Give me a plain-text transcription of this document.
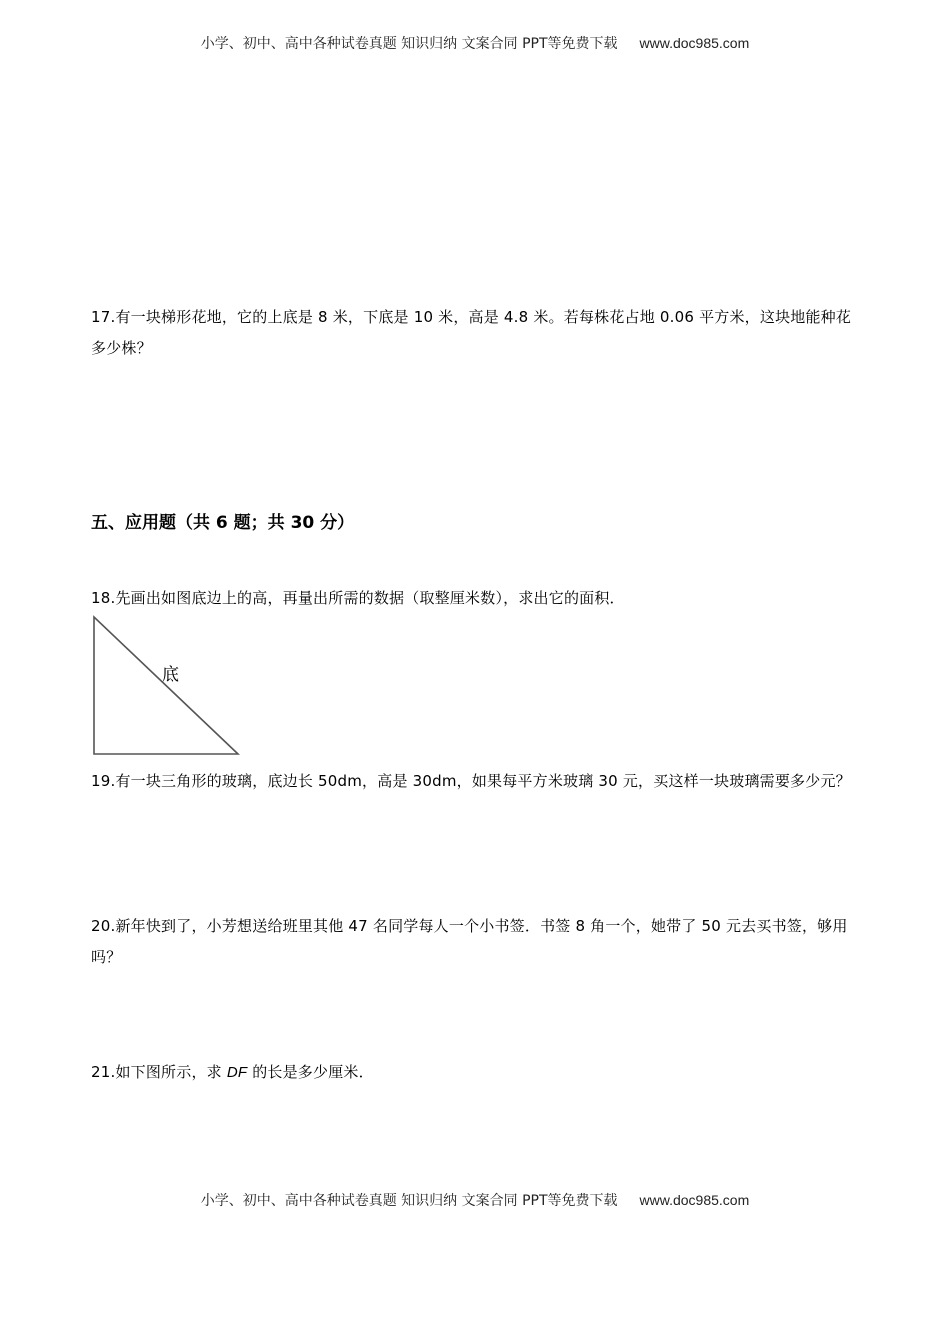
小学、初中、高中各种试卷真题 知识归纳 文案合同 PPT等免费下载 www.doc985.com
17.有一块梯形花地，它的上底是 8 米，下底是 10 米，高是 4.8 米。若每株花占地 0.06 平方米，这块地能种花多少株？
五、应用题（共 6 题；共 30 分）
18.先画出如图底边上的高，再量出所需的数据（取整厘米数），求出它的面积．
底
19.有一块三角形的玻璃，底边长 50dm，高是 30dm，如果每平方米玻璃 30 元，买这样一块玻璃需要多少元？
20.新年快到了，小芳想送给班里其他 47 名同学每人一个小书签．书签 8 角一个，她带了 50 元去买书签，够用吗？
21.如下图所示，求 DF 的长是多少厘米．
小学、初中、高中各种试卷真题 知识归纳 文案合同 PPT等免费下载 www.doc985.com
